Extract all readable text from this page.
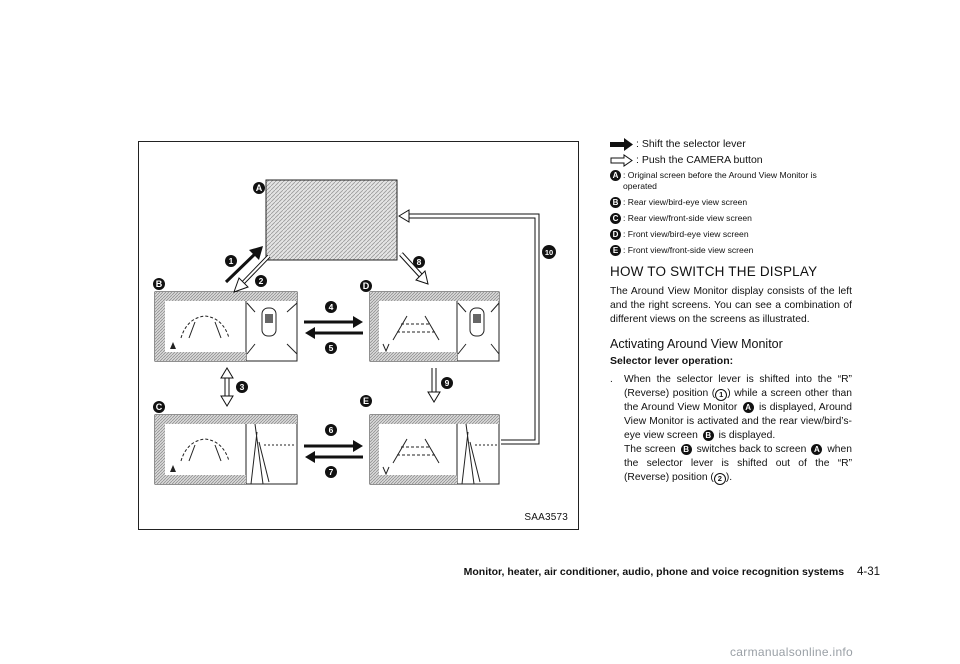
A
B
C
D
E
1
2
3
4
5
6
7
8
9
10
SAA3573
: Shift the selector lever
: Push the CAMERA button
A : Original screen before the Around View Monitor is operated
B : Rear view/bird-eye view screen
C : Rear view/front-side view screen
D : Front view/bird-eye view screen
E : Front view/front-side view screen
HOW TO SWITCH THE DISPLAY

The Around View Monitor display consists of the left and the right screens. You can see a combination of different views on the screens as illustrated.

Activating Around View Monitor
Selector lever operation:
.	When the selector lever is shifted into the “R” (Reverse) position ( 1 ) while a screen other than the Around View Monitor A is displayed, Around View Monitor is activated and the rear view/bird’s-eye view screen B is displayed.
The screen B switches back to screen A when the selector lever is shifted out of the “R” (Reverse) position ( 2 ).
Monitor, heater, air conditioner, audio, phone and voice recognition systems 4-31
carmanualsonline.info
